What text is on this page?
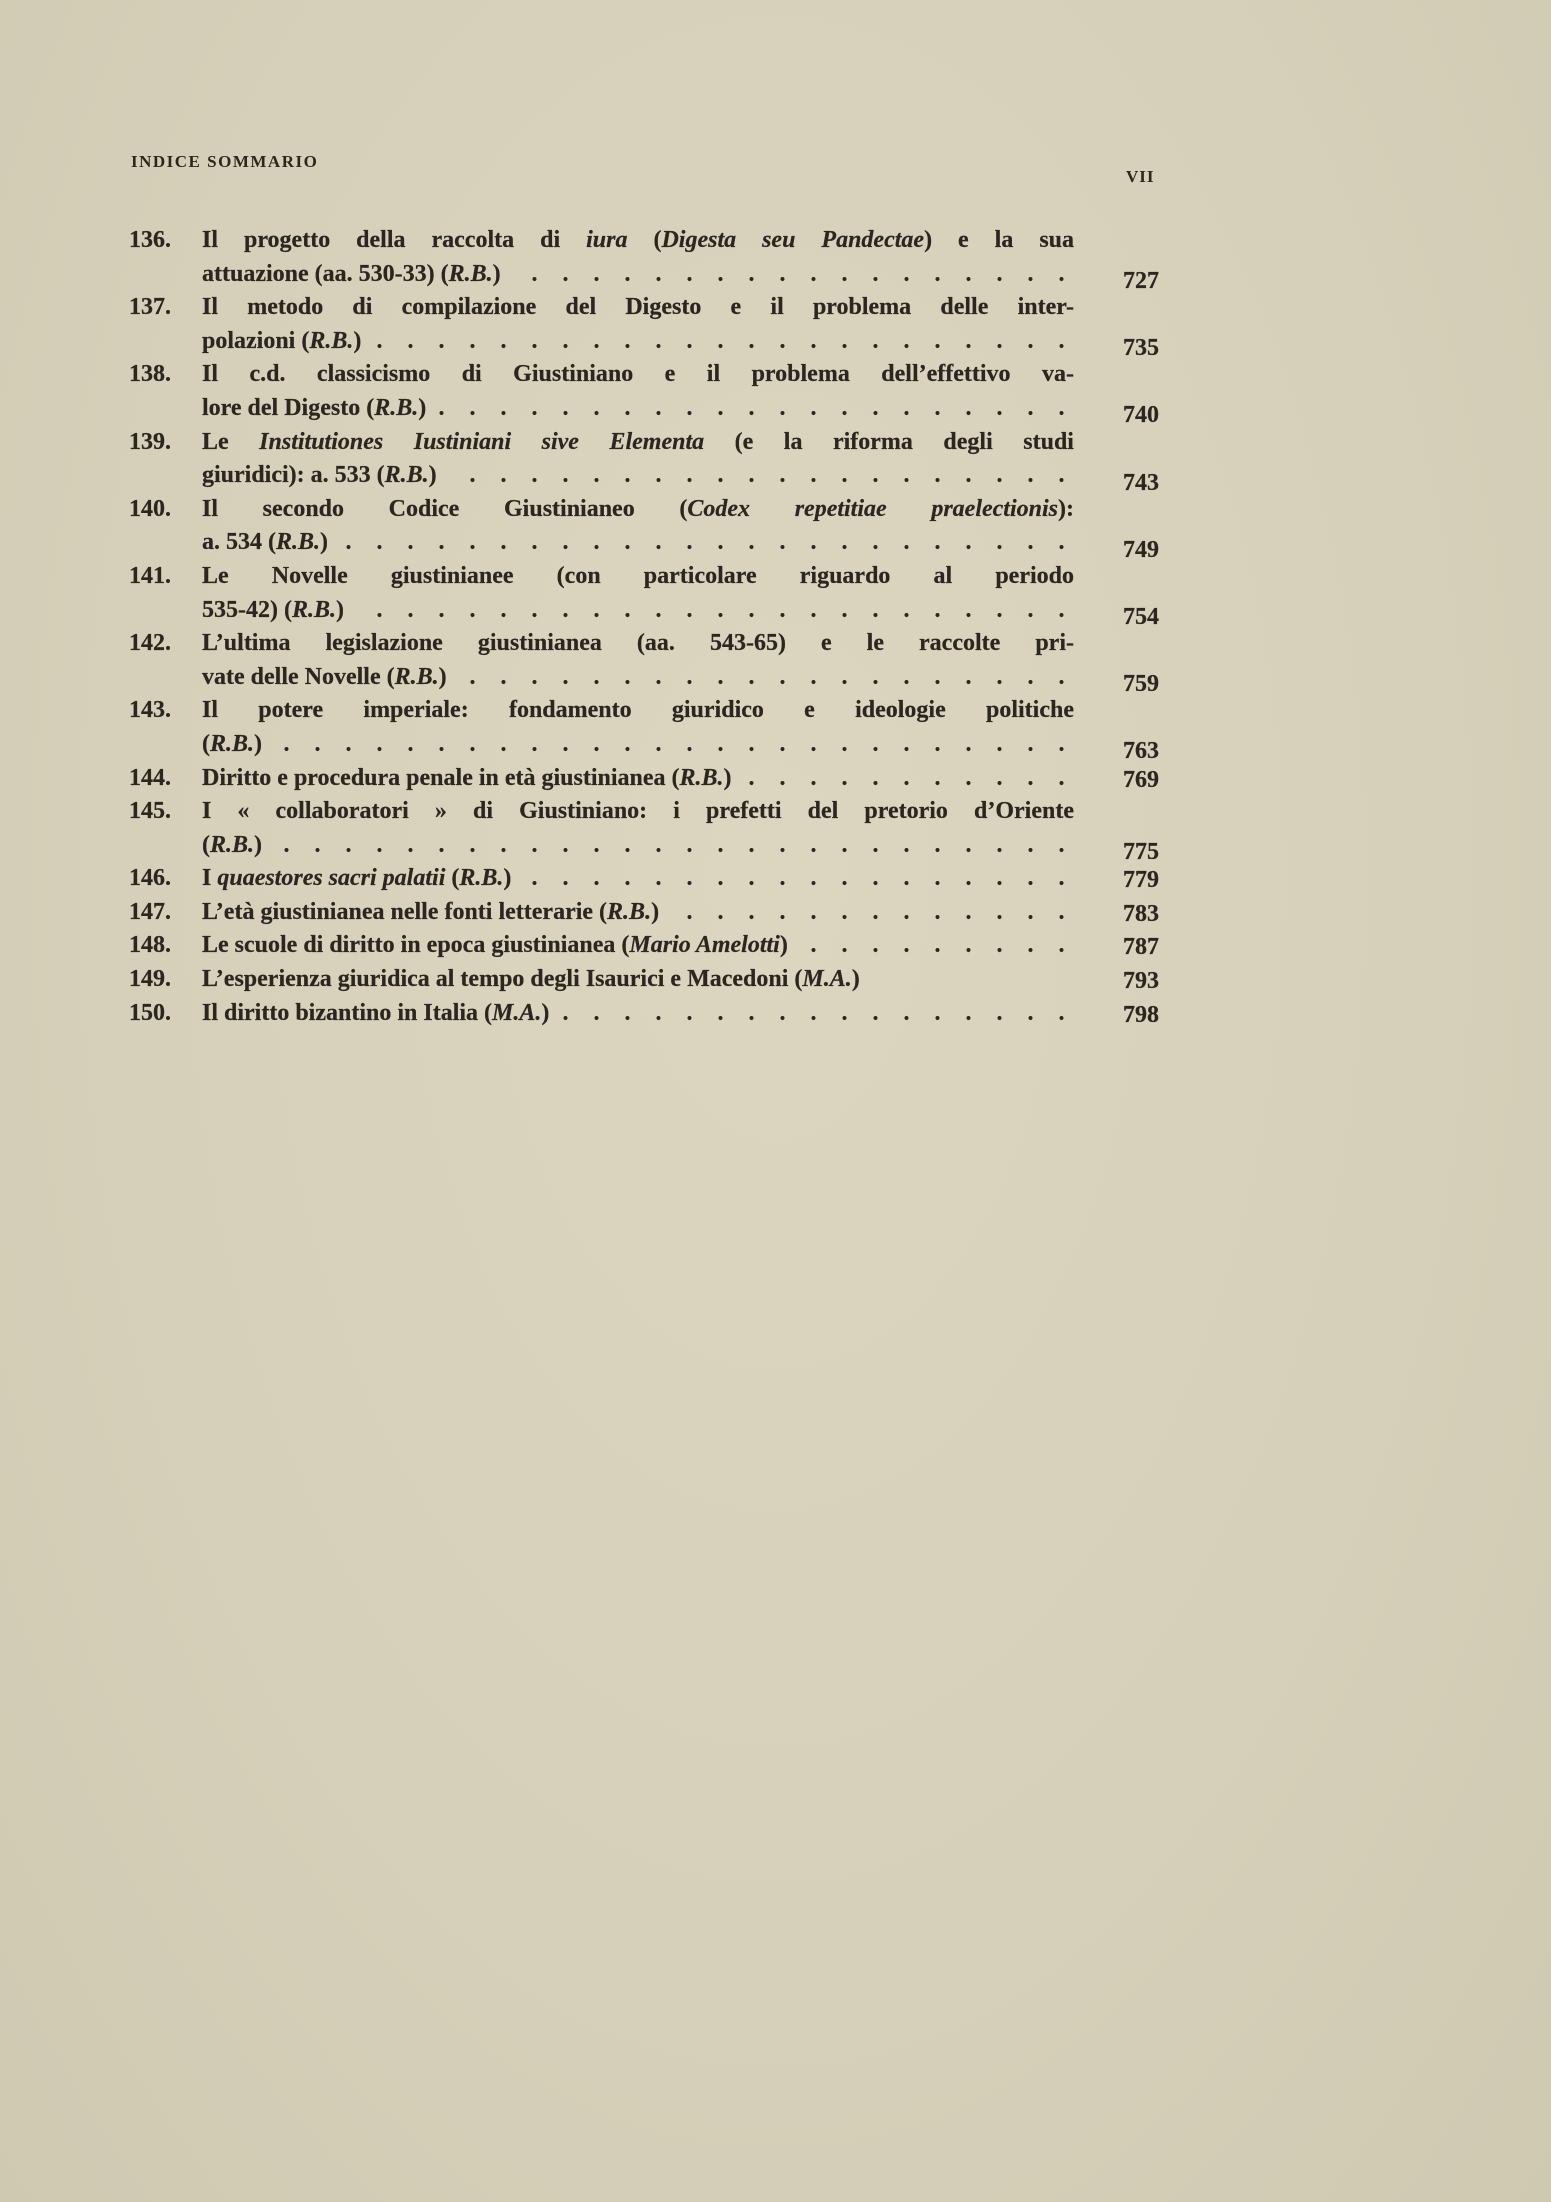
INDICE SOMMARIO
VII
136.	Il progetto della raccolta di iura (Digesta seu Pandectae) e la sua
attuazione (aa. 530-33) (R.B.) . . .	727
137.	Il metodo di compilazione del Digesto e il problema delle inter-
polazioni (R.B.) . . .	735
138.	Il c.d. classicismo di Giustiniano e il problema dell’effettivo va-
lore del Digesto (R.B.) . . .	740
139.	Le Institutiones Iustiniani sive Elementa (e la riforma degli studi
giuridici): a. 533 (R.B.) . . .	743
140.	Il secondo Codice Giustinianeo (Codex repetitiae praelectionis):
a. 534 (R.B.) . . .	749
141.	Le Novelle giustinianee (con particolare riguardo al periodo
535-42) (R.B.) . . .	754
142.	L’ultima legislazione giustinianea (aa. 543-65) e le raccolte pri-
vate delle Novelle (R.B.) . . .	759
143.	Il potere imperiale: fondamento giuridico e ideologie politiche
(R.B.) . . .	763
144.	Diritto e procedura penale in età giustinianea (R.B.) . . .	769
145.	I « collaboratori » di Giustiniano: i prefetti del pretorio d’Oriente
(R.B.) . . .	775
146.	I quaestores sacri palatii (R.B.) . . .	779
147.	L’età giustinianea nelle fonti letterarie (R.B.) . . .	783
148.	Le scuole di diritto in epoca giustinianea (Mario Amelotti) . . .	787
149.	L’esperienza giuridica al tempo degli Isaurici e Macedoni (M.A.)	793
150.	Il diritto bizantino in Italia (M.A.) . . .	798
